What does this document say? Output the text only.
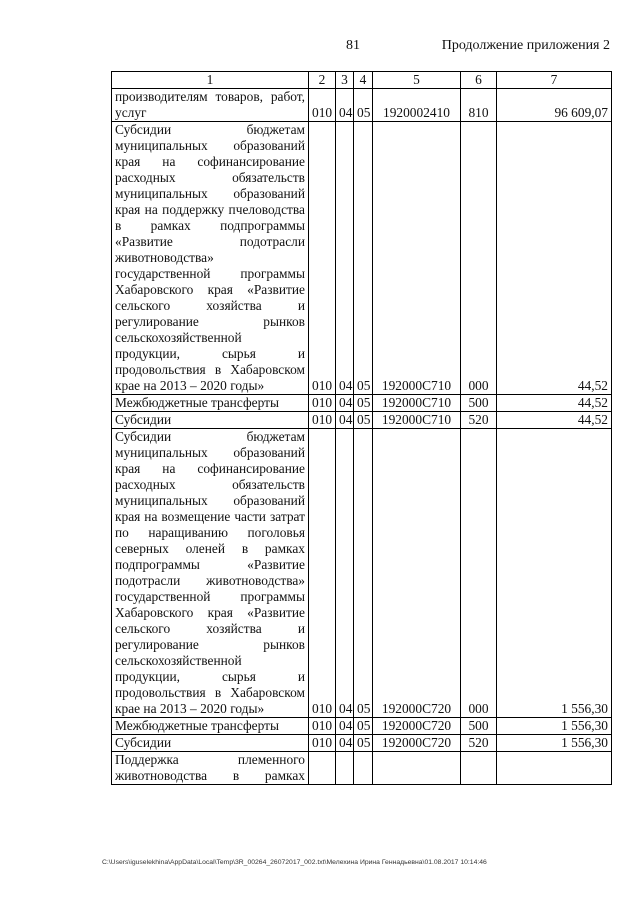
81	Продолжение приложения 2
1	2	3	4	5	6	7
производителям товаров, работ, услуг	010	04	05	1920002410	810	96 609,07
Субсидии бюджетам муниципальных образований края на софинансирование расходных обязательств муниципальных образований края на поддержку пчеловодства в рамках подпрограммы «Развитие подотрасли животноводства» государственной программы Хабаровского края «Развитие сельского хозяйства и регулирование рынков сельскохозяйственной продукции, сырья и продовольствия в Хабаровском крае на 2013 – 2020 годы»	010	04	05	192000С710	000	44,52
Межбюджетные трансферты	010	04	05	192000С710	500	44,52
Субсидии	010	04	05	192000С710	520	44,52
Субсидии бюджетам муниципальных образований края на софинансирование расходных обязательств муниципальных образований края на возмещение части затрат по наращиванию поголовья северных оленей в рамках подпрограммы «Развитие подотрасли животноводства» государственной программы Хабаровского края «Развитие сельского хозяйства и регулирование рынков сельскохозяйственной продукции, сырья и продовольствия в Хабаровском крае на 2013 – 2020 годы»	010	04	05	192000С720	000	1 556,30
Межбюджетные трансферты	010	04	05	192000С720	500	1 556,30
Субсидии	010	04	05	192000С720	520	1 556,30
Поддержка племенного животноводства в рамках						
C:\Users\iguselekhina\AppData\Local\Temp\3R_00264_26072017_002.txt\Мелехина Ирина Геннадьевна\01.08.2017 10:14:46
